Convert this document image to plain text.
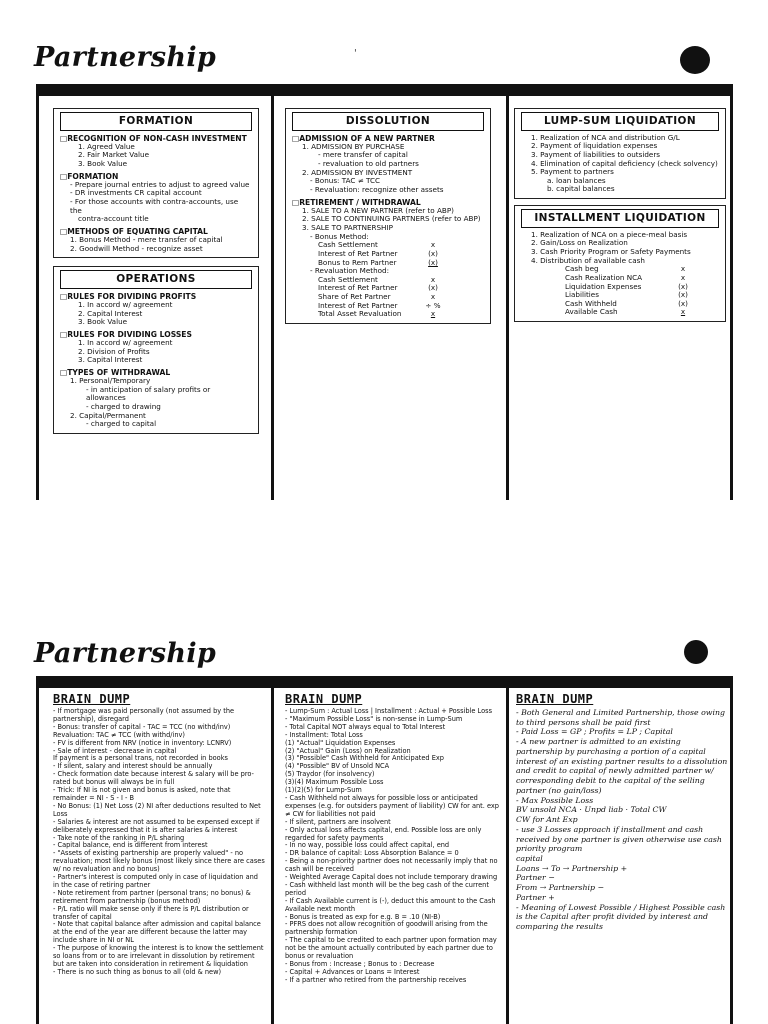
Partnership	'
FORMATION
□ RECOGNITION OF NON-CASH INVESTMENT
1. Agreed Value
2. Fair Market Value
3. Book Value
□ FORMATION
- Prepare journal entries to adjust to agreed value
- DR investments CR capital account
- For those accounts with contra-accounts, use the
contra-account title
□ METHODS OF EQUATING CAPITAL
1. Bonus Method - mere transfer of capital
2. Goodwill Method - recognize asset
OPERATIONS
□ RULES FOR DIVIDING PROFITS
1. In accord w/ agreement
2. Capital Interest
3. Book Value
□ RULES FOR DIVIDING LOSSES
1. In accord w/ agreement
2. Division of Profits
3. Capital Interest
□ TYPES OF WITHDRAWAL
1. Personal/Temporary
- in anticipation of salary profits or allowances
- charged to drawing
2. Capital/Permanent
- charged to capital
DISSOLUTION
□ ADMISSION OF A NEW PARTNER
1. ADMISSION BY PURCHASE
- mere transfer of capital
- revaluation to old partners
2. ADMISSION BY INVESTMENT
- Bonus: TAC ≠ TCC
- Revaluation: recognize other assets
□ RETIREMENT / WITHDRAWAL
1. SALE TO A NEW PARTNER (refer to ABP)
2. SALE TO CONTINUING PARTNERS (refer to ABP)
3. SALE TO PARTNERSHIP
- Bonus Method:
Cash Settlement	x
Interest of Ret Partner	(x)
Bonus to Rem Partner	(x)
- Revaluation Method:
Cash Settlement	x
Interest of Ret Partner	(x)
Share of Ret Partner	x
Interest of Ret Partner	÷ %
Total Asset Revaluation	x
LUMP-SUM LIQUIDATION
1. Realization of NCA and distribution G/L
2. Payment of liquidation expenses
3. Payment of liabilities to outsiders
4. Elimination of capital deficiency (check solvency)
5. Payment to partners
a. loan balances
b. capital balances
INSTALLMENT LIQUIDATION
1. Realization of NCA on a piece-meal basis
2. Gain/Loss on Realization
3. Cash Priority Program or Safety Payments
4. Distribution of available cash
Cash beg	x
Cash Realization NCA	x
Liquidation Expenses	(x)
Liabilities	(x)
Cash Withheld	(x)
Available Cash	x
Partnership
BRAIN DUMP
- If mortgage was paid personally (not assumed by the partnership), disregard
- Bonus: transfer of capital - TAC = TCC (no withd/inv)
Revaluation: TAC ≠ TCC (with withd/inv)
- FV is different from NRV (notice in inventory: LCNRV)
- Sale of interest - decrease in capital
If payment is a personal trans, not recorded in books
- If silent, salary and interest should be annually
- Check formation date because interest & salary will be pro-rated but bonus will always be in full
- Trick: If NI is not given and bonus is asked, note that remainder = NI - S - I - B
- No Bonus: (1) Net Loss (2) NI after deductions resulted to Net Loss
- Salaries & interest are not assumed to be expensed except if deliberately expressed that it is after salaries & interest
- Take note of the ranking in P/L sharing
- Capital balance, end is different from interest
- "Assets of existing partnership are properly valued" - no revaluation; most likely bonus (most likely since there are cases w/ no revaluation and no bonus)
- Partner's interest is computed only in case of liquidation and in the case of retiring partner
- Note retirement from partner (personal trans; no bonus) & retirement from partnership (bonus method)
- P/L ratio will make sense only if there is P/L distribution or transfer of capital
- Note that capital balance after admission and capital balance at the end of the year are different because the latter may include share in NI or NL
- The purpose of knowing the interest is to know the settlement so loans from or to are irrelevant in dissolution by retirement but are taken into consideration in retirement & liquidation
- There is no such thing as bonus to all (old & new)
BRAIN DUMP
- Lump-Sum : Actual Loss | Installment : Actual + Possible Loss
- "Maximum Possible Loss" is non-sense in Lump-Sum
- Total Capital NOT always equal to Total Interest
- Installment: Total Loss
(1) "Actual" Liquidation Expenses
(2) "Actual" Gain (Loss) on Realization
(3) "Possible" Cash Withheld for Anticipated Exp
(4) "Possible" BV of Unsold NCA
(5) Traydor (for insolvency)
(3)(4) Maximum Possible Loss
(1)(2)(5) for Lump-Sum
- Cash Withheld not always for possible loss or anticipated expenses (e.g. for outsiders payment of liability) CW for ant. exp ≠ CW for liabilities not paid
- If silent, partners are insolvent
- Only actual loss affects capital, end. Possible loss are only regarded for safety payments
- In no way, possible loss could affect capital, end
- DR balance of capital: Loss Absorption Balance = 0
- Being a non-priority partner does not necessarily imply that no cash will be received
- Weighted Average Capital does not include temporary drawing
- Cash withheld last month will be the beg cash of the current period
- If Cash Available current is (-), deduct this amount to the Cash Available next month
- Bonus is treated as exp for e.g. B = .10 (NI-B)
- PFRS does not allow recognition of goodwill arising from the partnership formation
- The capital to be credited to each partner upon formation may not be the amount actually contributed by each partner due to bonus or revaluation
- Bonus from : Increase ; Bonus to : Decrease
- Capital + Advances or Loans = Interest
- If a partner who retired from the partnership receives
BRAIN DUMP
- Both General and Limited Partnership, those owing to third persons shall be paid first
- Paid Loss = GP ; Profits = LP ; Capital
- A new partner is admitted to an existing partnership by purchasing a portion of a capital interest of an existing partner results to a dissolution and credit to capital of newly admitted partner w/ corresponding debit to the capital of the selling partner (no gain/loss)
- Max Possible Loss
BV unsold NCA · Unpd liab · Total CW
CW for Ant Exp
- use 3 Losses approach if installment and cash received by one partner is given otherwise use cash priority program
capital
Loans → To → Partnership +
Partner −
From → Partnership −
Partner +
- Meaning of Lowest Possible / Highest Possible cash is the Capital after profit divided by interest and comparing the results
